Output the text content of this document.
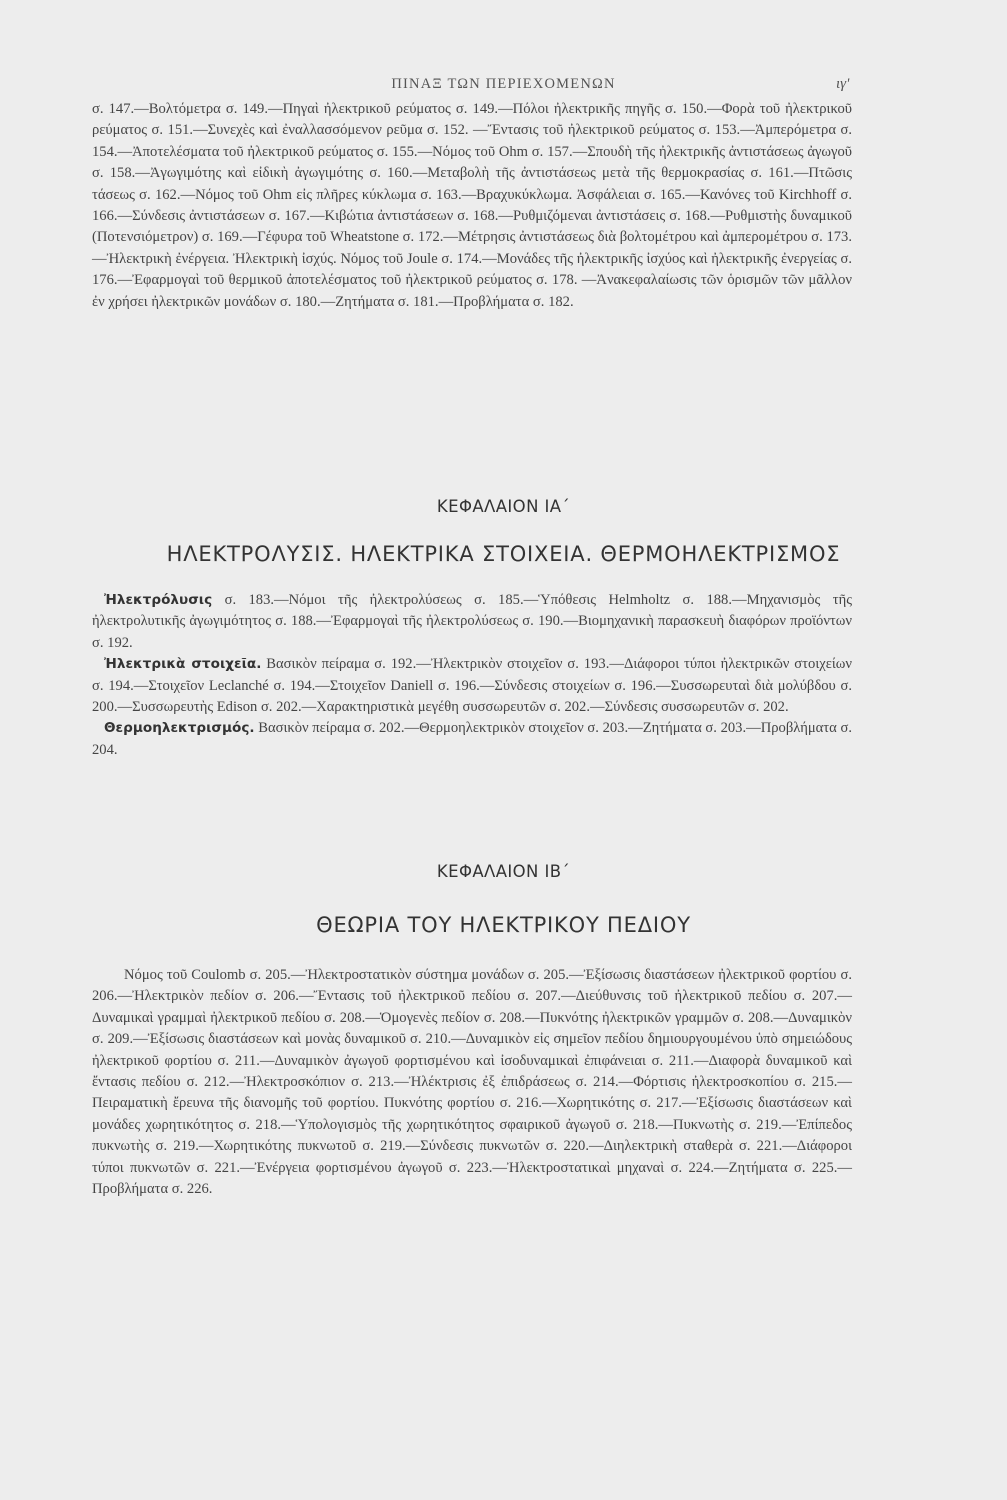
ΠΙΝΑΞ ΤΩΝ ΠΕΡΙΕΧΟΜΕΝΩΝ	ιγ'

σ. 147.—Βολτόμετρα σ. 149.—Πηγαὶ ἠλεκτρικοῦ ρεύματος σ. 149.—Πόλοι ἠλεκτρικῆς πηγῆς σ. 150.—Φορὰ τοῦ ἠλεκτρικοῦ ρεύματος σ. 151.—Συνεχὲς καὶ ἐναλλασσόμενον ρεῦμα σ. 152. —Ἔντασις τοῦ ἠλεκτρικοῦ ρεύματος σ. 153.—Ἀμπερόμετρα σ. 154.—Ἀποτελέσματα τοῦ ἠλεκτρικοῦ ρεύματος σ. 155.—Νόμος τοῦ Ohm σ. 157.—Σπουδὴ τῆς ἠλεκτρικῆς ἀντιστάσεως ἀγωγοῦ σ. 158.—Ἀγωγιμότης καὶ εἰδικὴ ἀγωγιμότης σ. 160.—Μεταβολὴ τῆς ἀντιστάσεως μετὰ τῆς θερμοκρασίας σ. 161.—Πτῶσις τάσεως σ. 162.—Νόμος τοῦ Ohm εἰς πλῆρες κύκλωμα σ. 163.—Βραχυκύκλωμα. Ἀσφάλειαι σ. 165.—Κανόνες τοῦ Kirchhoff σ. 166.—Σύνδεσις ἀντιστάσεων σ. 167.—Κιβώτια ἀντιστάσεων σ. 168.—Ρυθμιζόμεναι ἀντιστάσεις σ. 168.—Ρυθμιστὴς δυναμικοῦ (Ποτενσιόμετρον) σ. 169.—Γέφυρα τοῦ Wheatstone σ. 172.—Μέτρησις ἀντιστάσεως διὰ βολτομέτρου καὶ ἀμπερομέτρου σ. 173.—Ἠλεκτρικὴ ἐνέργεια. Ἠλεκτρικὴ ἰσχύς. Νόμος τοῦ Joule σ. 174.—Μονάδες τῆς ἠλεκτρικῆς ἰσχύος καὶ ἠλεκτρικῆς ἐνεργείας σ. 176.—Ἐφαρμογαὶ τοῦ θερμικοῦ ἀποτελέσματος τοῦ ἠλεκτρικοῦ ρεύματος σ. 178. —Ἀνακεφαλαίωσις τῶν ὁρισμῶν τῶν μᾶλλον ἐν χρήσει ἠλεκτρικῶν μονάδων σ. 180.—Ζητήματα σ. 181.—Προβλήματα σ. 182.

ΚΕΦΑΛΑΙΟΝ ΙΑ΄
ΗΛΕΚΤΡΟΛΥΣΙΣ. ΗΛΕΚΤΡΙΚΑ ΣΤΟΙΧΕΙΑ. ΘΕΡΜΟΗΛΕΚΤΡΙΣΜΟΣ

Ἠλεκτρόλυσις σ. 183.—Νόμοι τῆς ἠλεκτρολύσεως σ. 185.—Ὑπόθεσις Helmholtz σ. 188.—Μηχανισμὸς τῆς ἠλεκτρολυτικῆς ἀγωγιμότητος σ. 188.—Ἐφαρμογαὶ τῆς ἠλεκτρολύσεως σ. 190.—Βιομηχανικὴ παρασκευὴ διαφόρων προϊόντων σ. 192.

Ἠλεκτρικὰ στοιχεῖα. Βασικὸν πείραμα σ. 192.—Ἠλεκτρικὸν στοιχεῖον σ. 193.—Διάφοροι τύποι ἠλεκτρικῶν στοιχείων σ. 194.—Στοιχεῖον Leclanché σ. 194.—Στοιχεῖον Daniell σ. 196.—Σύνδεσις στοιχείων σ. 196.—Συσσωρευταὶ διὰ μολύβδου σ. 200.—Συσσωρευτὴς Edison σ. 202.—Χαρακτηριστικὰ μεγέθη συσσωρευτῶν σ. 202.—Σύνδεσις συσσωρευτῶν σ. 202.

Θερμοηλεκτρισμός. Βασικὸν πείραμα σ. 202.—Θερμοηλεκτρικὸν στοιχεῖον σ. 203.—Ζητήματα σ. 203.—Προβλήματα σ. 204.

ΚΕΦΑΛΑΙΟΝ ΙΒ΄
ΘΕΩΡΙΑ ΤΟΥ ΗΛΕΚΤΡΙΚΟΥ ΠΕΔΙΟΥ

Νόμος τοῦ Coulomb σ. 205.—Ἠλεκτροστατικὸν σύστημα μονάδων σ. 205.—Ἐξίσωσις διαστάσεων ἠλεκτρικοῦ φορτίου σ. 206.—Ἠλεκτρικὸν πεδίον σ. 206.—Ἔντασις τοῦ ἠλεκτρικοῦ πεδίου σ. 207.—Διεύθυνσις τοῦ ἠλεκτρικοῦ πεδίου σ. 207.—Δυναμικαὶ γραμμαὶ ἠλεκτρικοῦ πεδίου σ. 208.—Ὁμογενὲς πεδίον σ. 208.—Πυκνότης ἠλεκτρικῶν γραμμῶν σ. 208.—Δυναμικὸν σ. 209.—Ἐξίσωσις διαστάσεων καὶ μονὰς δυναμικοῦ σ. 210.—Δυναμικὸν εἰς σημεῖον πεδίου δημιουργουμένου ὑπὸ σημειώδους ἠλεκτρικοῦ φορτίου σ. 211.—Δυναμικὸν ἀγωγοῦ φορτισμένου καὶ ἰσοδυναμικαὶ ἐπιφάνειαι σ. 211.—Διαφορὰ δυναμικοῦ καὶ ἔντασις πεδίου σ. 212.—Ἠλεκτροσκόπιον σ. 213.—Ἠλέκτρισις ἐξ ἐπιδράσεως σ. 214.—Φόρτισις ἠλεκτροσκοπίου σ. 215.—Πειραματικὴ ἔρευνα τῆς διανομῆς τοῦ φορτίου. Πυκνότης φορτίου σ. 216.—Χωρητικότης σ. 217.—Ἐξίσωσις διαστάσεων καὶ μονάδες χωρητικότητος σ. 218.—Ὑπολογισμὸς τῆς χωρητικότητος σφαιρικοῦ ἀγωγοῦ σ. 218.—Πυκνωτὴς σ. 219.—Ἐπίπεδος πυκνωτὴς σ. 219.—Χωρητικότης πυκνωτοῦ σ. 219.—Σύνδεσις πυκνωτῶν σ. 220.—Διηλεκτρικὴ σταθερὰ σ. 221.—Διάφοροι τύποι πυκνωτῶν σ. 221.—Ἐνέργεια φορτισμένου ἀγωγοῦ σ. 223.—Ἠλεκτροστατικαὶ μηχαναὶ σ. 224.—Ζητήματα σ. 225.—Προβλήματα σ. 226.
